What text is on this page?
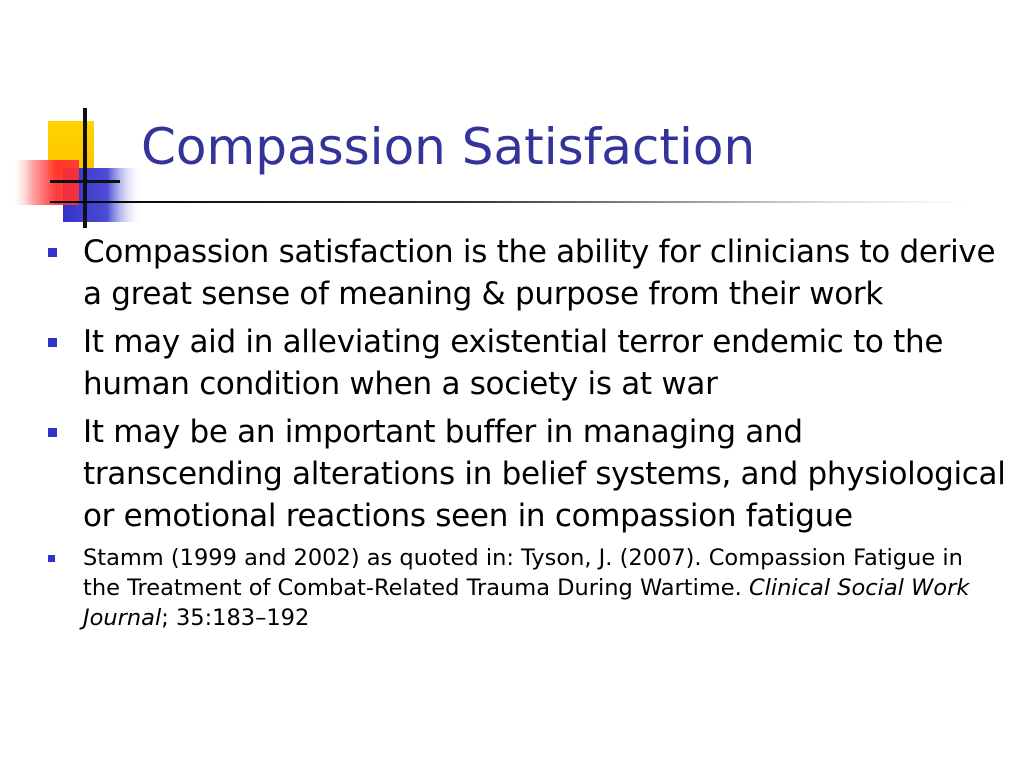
Compassion Satisfaction
Compassion satisfaction is the ability for clinicians to derive a great sense of meaning & purpose from their work
It may aid in alleviating existential terror endemic to the human condition when a society is at war
It may be an important buffer in managing and transcending alterations in belief systems, and physiological or emotional reactions seen in compassion fatigue
Stamm (1999 and 2002) as quoted in: Tyson, J. (2007). Compassion Fatigue in the Treatment of Combat-Related Trauma During Wartime. Clinical Social Work Journal; 35:183–192
